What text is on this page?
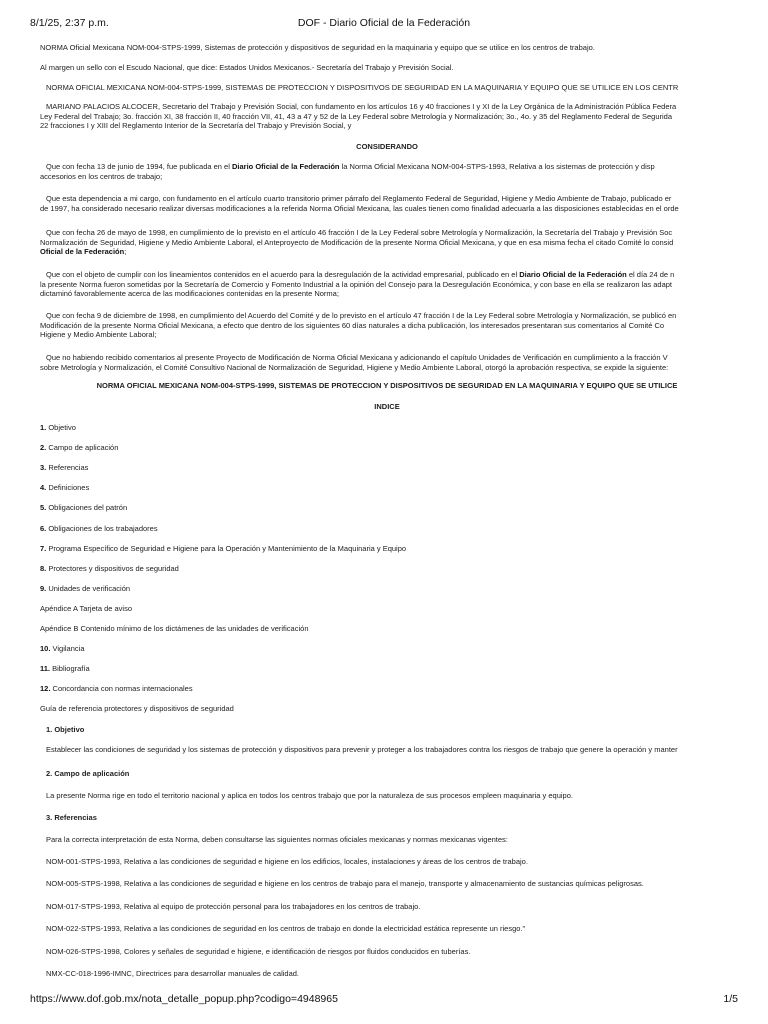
8/1/25, 2:37 p.m.	DOF - Diario Oficial de la Federación

NORMA Oficial Mexicana NOM-004-STPS-1999, Sistemas de protección y dispositivos de seguridad en la maquinaria y equipo que se utilice en los centros de trabajo.

Al margen un sello con el Escudo Nacional, que dice: Estados Unidos Mexicanos.- Secretaría del Trabajo y Previsión Social.

NORMA OFICIAL MEXICANA NOM-004-STPS-1999, SISTEMAS DE PROTECCION Y DISPOSITIVOS DE SEGURIDAD EN LA MAQUINARIA Y EQUIPO QUE SE UTILICE EN LOS CENTR

MARIANO PALACIOS ALCOCER, Secretario del Trabajo y Previsión Social, con fundamento en los artículos 16 y 40 fracciones I y XI de la Ley Orgánica de la Administración Pública Federa

Ley Federal del Trabajo; 3o. fracción XI, 38 fracción II, 40 fracción VII, 41, 43 a 47 y 52 de la Ley Federal sobre Metrología y Normalización; 3o., 4o. y 35 del Reglamento Federal de Segurida

22 fracciones I y XIII del Reglamento Interior de la Secretaría del Trabajo y Previsión Social, y

CONSIDERANDO

Que con fecha 13 de junio de 1994, fue publicada en el Diario Oficial de la Federación la Norma Oficial Mexicana NOM-004-STPS-1993, Relativa a los sistemas de protección y disp

accesorios en los centros de trabajo;

Que esta dependencia a mi cargo, con fundamento en el artículo cuarto transitorio primer párrafo del Reglamento Federal de Seguridad, Higiene y Medio Ambiente de Trabajo, publicado er

de 1997, ha considerado necesario realizar diversas modificaciones a la referida Norma Oficial Mexicana, las cuales tienen como finalidad adecuarla a las disposiciones establecidas en el orde

Que con fecha 26 de mayo de 1998, en cumplimiento de lo previsto en el artículo 46 fracción I de la Ley Federal sobre Metrología y Normalización, la Secretaría del Trabajo y Previsión Soc

Normalización de Seguridad, Higiene y Medio Ambiente Laboral, el Anteproyecto de Modificación de la presente Norma Oficial Mexicana, y que en esa misma fecha el citado Comité lo consid

Oficial de la Federación;

Que con el objeto de cumplir con los lineamientos contenidos en el acuerdo para la desregulación de la actividad empresarial, publicado en el Diario Oficial de la Federación el día 24 de n

la presente Norma fueron sometidas por la Secretaría de Comercio y Fomento Industrial a la opinión del Consejo para la Desregulación Económica, y con base en ella se realizaron las adapt

dictaminó favorablemente acerca de las modificaciones contenidas en la presente Norma;

Que con fecha 9 de diciembre de 1998, en cumplimiento del Acuerdo del Comité y de lo previsto en el artículo 47 fracción I de la Ley Federal sobre Metrología y Normalización, se publicó en

Modificación de la presente Norma Oficial Mexicana, a efecto que dentro de los siguientes 60 días naturales a dicha publicación, los interesados presentaran sus comentarios al Comité Co

Higiene y Medio Ambiente Laboral;

Que no habiendo recibido comentarios al presente Proyecto de Modificación de Norma Oficial Mexicana y adicionando el capítulo Unidades de Verificación en cumplimiento a la fracción V

sobre Metrología y Normalización, el Comité Consultivo Nacional de Normalización de Seguridad, Higiene y Medio Ambiente Laboral, otorgó la aprobación respectiva, se expide la siguiente:

NORMA OFICIAL MEXICANA NOM-004-STPS-1999, SISTEMAS DE PROTECCION Y DISPOSITIVOS DE SEGURIDAD EN LA MAQUINARIA Y EQUIPO QUE SE UTILICE

INDICE

1. Objetivo

2. Campo de aplicación

3. Referencias

4. Definiciones

5. Obligaciones del patrón

6. Obligaciones de los trabajadores

7. Programa Específico de Seguridad e Higiene para la Operación y Mantenimiento de la Maquinaria y Equipo

8. Protectores y dispositivos de seguridad

9. Unidades de verificación

Apéndice A Tarjeta de aviso

Apéndice B Contenido mínimo de los dictámenes de las unidades de verificación

10. Vigilancia

11. Bibliografía

12. Concordancia con normas internacionales

Guía de referencia protectores y dispositivos de seguridad

1. Objetivo

Establecer las condiciones de seguridad y los sistemas de protección y dispositivos para prevenir y proteger a los trabajadores contra los riesgos de trabajo que genere la operación y manter

2. Campo de aplicación

La presente Norma rige en todo el territorio nacional y aplica en todos los centros trabajo que por la naturaleza de sus procesos empleen maquinaria y equipo.

3. Referencias

Para la correcta interpretación de esta Norma, deben consultarse las siguientes normas oficiales mexicanas y normas mexicanas vigentes:

NOM-001-STPS-1993, Relativa a las condiciones de seguridad e higiene en los edificios, locales, instalaciones y áreas de los centros de trabajo.

NOM-005-STPS-1998, Relativa a las condiciones de seguridad e higiene en los centros de trabajo para el manejo, transporte y almacenamiento de sustancias químicas peligrosas.

NOM-017-STPS-1993, Relativa al equipo de protección personal para los trabajadores en los centros de trabajo.

NOM-022-STPS-1993, Relativa a las condiciones de seguridad en los centros de trabajo en donde la electricidad estática represente un riesgo."

NOM-026-STPS-1998, Colores y señales de seguridad e higiene, e identificación de riesgos por fluidos conducidos en tuberías.

NMX-CC-018-1996-IMNC, Directrices para desarrollar manuales de calidad.

https://www.dof.gob.mx/nota_detalle_popup.php?codigo=4948965	1/5
